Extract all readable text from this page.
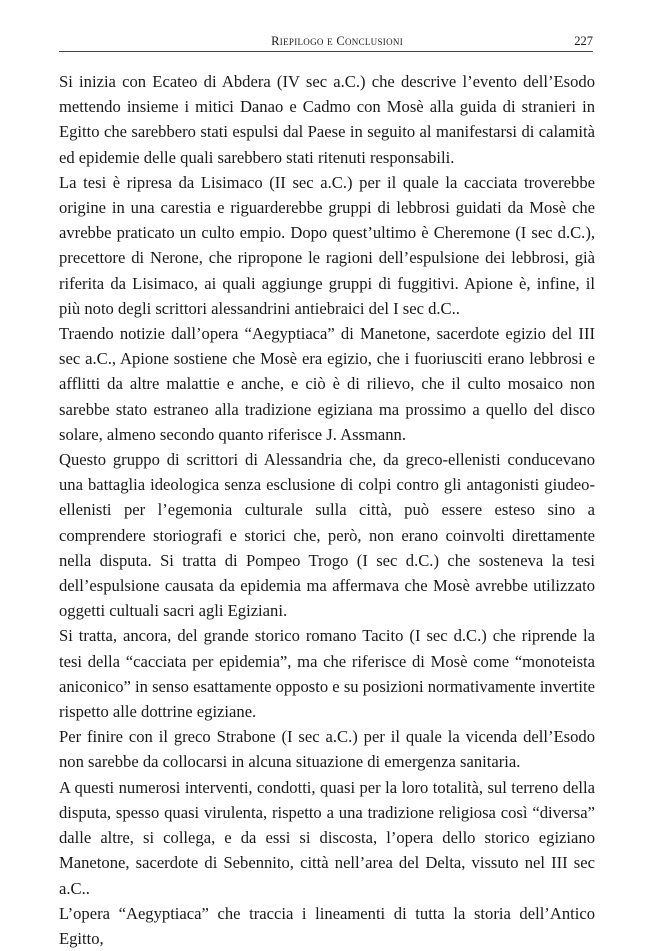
Riepilogo e Conclusioni	227

Si inizia con Ecateo di Abdera (IV sec a.C.) che descrive l’evento dell’Esodo mettendo insieme i mitici Danao e Cadmo con Mosè alla guida di stranieri in Egitto che sarebbero stati espulsi dal Paese in seguito al manifestarsi di calamità ed epidemie delle quali sarebbero stati ritenuti responsabili.

La tesi è ripresa da Lisimaco (II sec a.C.) per il quale la cacciata troverebbe origine in una carestia e riguarderebbe gruppi di lebbrosi guidati da Mosè che avrebbe praticato un culto empio. Dopo quest’ultimo è Cheremone (I sec d.C.), precettore di Nerone, che ripropone le ragioni dell’espulsione dei lebbrosi, già riferita da Lisimaco, ai quali aggiunge gruppi di fuggitivi. Apione è, infine, il più noto degli scrittori alessandrini antiebraici del I sec d.C..

Traendo notizie dall’opera “Aegyptiaca” di Manetone, sacerdote egizio del III sec a.C., Apione sostiene che Mosè era egizio, che i fuoriusciti erano lebbrosi e afflitti da altre malattie e anche, e ciò è di rilievo, che il culto mosaico non sarebbe stato estraneo alla tradizione egiziana ma prossimo a quello del disco solare, almeno secondo quanto riferisce J. Assmann.

Questo gruppo di scrittori di Alessandria che, da greco-ellenisti conducevano una battaglia ideologica senza esclusione di colpi contro gli antagonisti giudeo-ellenisti per l’egemonia culturale sulla città, può essere esteso sino a comprendere storiografi e storici che, però, non erano coinvolti direttamente nella disputa. Si tratta di Pompeo Trogo (I sec d.C.) che sosteneva la tesi dell’espulsione causata da epidemia ma affermava che Mosè avrebbe utilizzato oggetti cultuali sacri agli Egiziani.

Si tratta, ancora, del grande storico romano Tacito (I sec d.C.) che riprende la tesi della “cacciata per epidemia”, ma che riferisce di Mosè come “monoteista aniconico” in senso esattamente opposto e su posizioni normativamente invertite rispetto alle dottrine egiziane.

Per finire con il greco Strabone (I sec a.C.) per il quale la vicenda dell’Esodo non sarebbe da collocarsi in alcuna situazione di emergenza sanitaria.

A questi numerosi interventi, condotti, quasi per la loro totalità, sul terreno della disputa, spesso quasi virulenta, rispetto a una tradizione religiosa così “diversa” dalle altre, si collega, e da essi si discosta, l’opera dello storico egiziano Manetone, sacerdote di Sebennito, città nell’area del Delta, vissuto nel III sec a.C..

L’opera “Aegyptiaca” che traccia i lineamenti di tutta la storia dell’Antico Egitto,
